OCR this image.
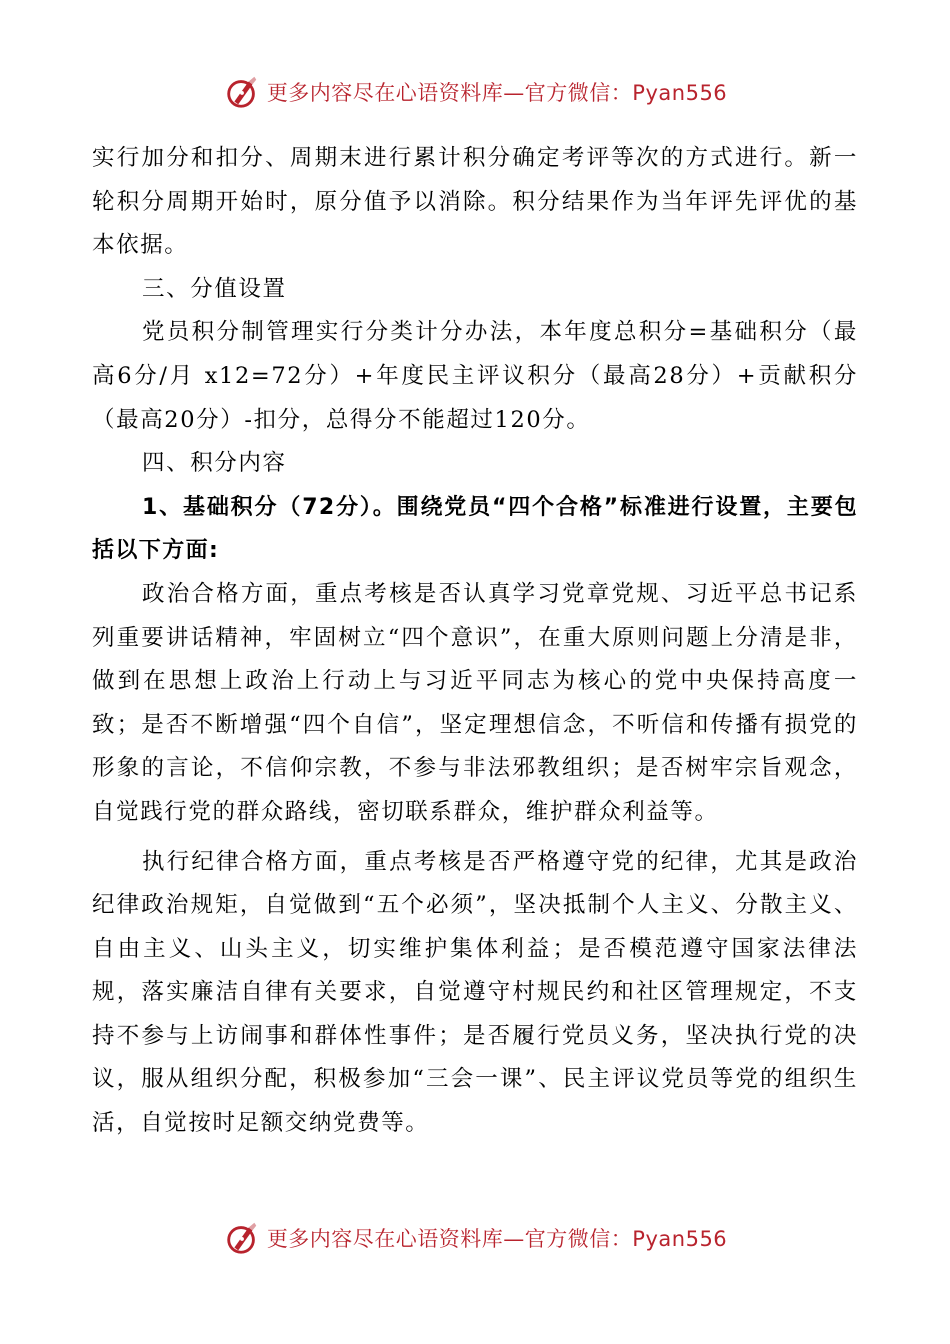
更多内容尽在心语资料库—官方微信：Pyan556

实行加分和扣分、周期末进行累计积分确定考评等次的方式进行。新一轮积分周期开始时，原分值予以消除。积分结果作为当年评先评优的基本依据。

三、分值设置

党员积分制管理实行分类计分办法，本年度总积分=基础积分（最高6分/月 x12=72分）+年度民主评议积分（最高28分）+贡献积分（最高20分）-扣分，总得分不能超过120分。

四、积分内容

1、基础积分（72分）。围绕党员“四个合格”标准进行设置，主要包括以下方面:

政治合格方面，重点考核是否认真学习党章党规、习近平总书记系列重要讲话精神，牢固树立“四个意识”，在重大原则问题上分清是非，做到在思想上政治上行动上与习近平同志为核心的党中央保持高度一致；是否不断增强“四个自信”，坚定理想信念，不听信和传播有损党的形象的言论，不信仰宗教，不参与非法邪教组织；是否树牢宗旨观念，自觉践行党的群众路线，密切联系群众，维护群众利益等。

执行纪律合格方面，重点考核是否严格遵守党的纪律，尤其是政治纪律政治规矩，自觉做到“五个必须”，坚决抵制个人主义、分散主义、自由主义、山头主义，切实维护集体利益；是否模范遵守国家法律法规，落实廉洁自律有关要求，自觉遵守村规民约和社区管理规定，不支持不参与上访闹事和群体性事件；是否履行党员义务，坚决执行党的决议，服从组织分配，积极参加“三会一课”、民主评议党员等党的组织生活，自觉按时足额交纳党费等。

更多内容尽在心语资料库—官方微信：Pyan556
